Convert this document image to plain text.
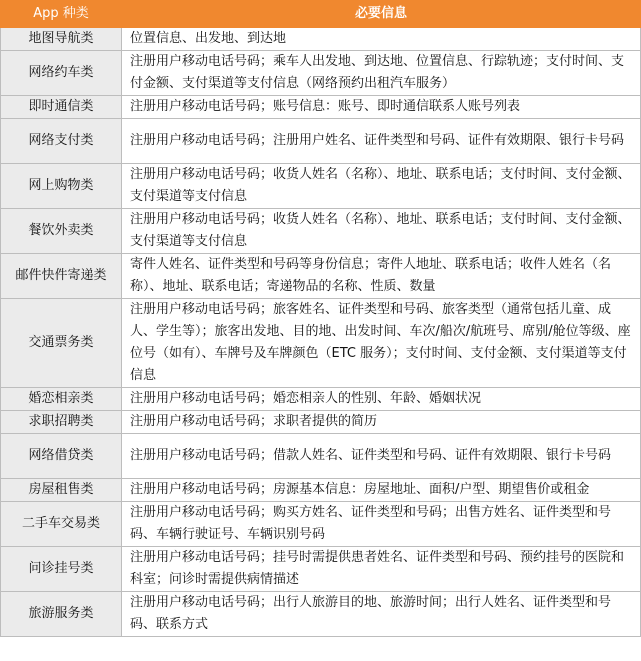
App 种类	必要信息
地图导航类	位置信息、出发地、到达地
网络约车类	注册用户移动电话号码；乘车人出发地、到达地、位置信息、行踪轨迹；支付时间、支付金额、支付渠道等支付信息（网络预约出租汽车服务）
即时通信类	注册用户移动电话号码；账号信息：账号、即时通信联系人账号列表
网络支付类	注册用户移动电话号码；注册用户姓名、证件类型和号码、证件有效期限、银行卡号码
网上购物类	注册用户移动电话号码；收货人姓名（名称）、地址、联系电话；支付时间、支付金额、支付渠道等支付信息
餐饮外卖类	注册用户移动电话号码；收货人姓名（名称）、地址、联系电话；支付时间、支付金额、支付渠道等支付信息
邮件快件寄递类	寄件人姓名、证件类型和号码等身份信息；寄件人地址、联系电话；收件人姓名（名称）、地址、联系电话；寄递物品的名称、性质、数量
交通票务类	注册用户移动电话号码；旅客姓名、证件类型和号码、旅客类型（通常包括儿童、成人、学生等）；旅客出发地、目的地、出发时间、车次/船次/航班号、席别/舱位等级、座位号（如有）、车牌号及车牌颜色（ETC 服务）；支付时间、支付金额、支付渠道等支付信息
婚恋相亲类	注册用户移动电话号码；婚恋相亲人的性别、年龄、婚姻状况
求职招聘类	注册用户移动电话号码；求职者提供的简历
网络借贷类	注册用户移动电话号码；借款人姓名、证件类型和号码、证件有效期限、银行卡号码
房屋租售类	注册用户移动电话号码；房源基本信息：房屋地址、面积/户型、期望售价或租金
二手车交易类	注册用户移动电话号码；购买方姓名、证件类型和号码；出售方姓名、证件类型和号码、车辆行驶证号、车辆识别号码
问诊挂号类	注册用户移动电话号码；挂号时需提供患者姓名、证件类型和号码、预约挂号的医院和科室；问诊时需提供病情描述
旅游服务类	注册用户移动电话号码；出行人旅游目的地、旅游时间；出行人姓名、证件类型和号码、联系方式
